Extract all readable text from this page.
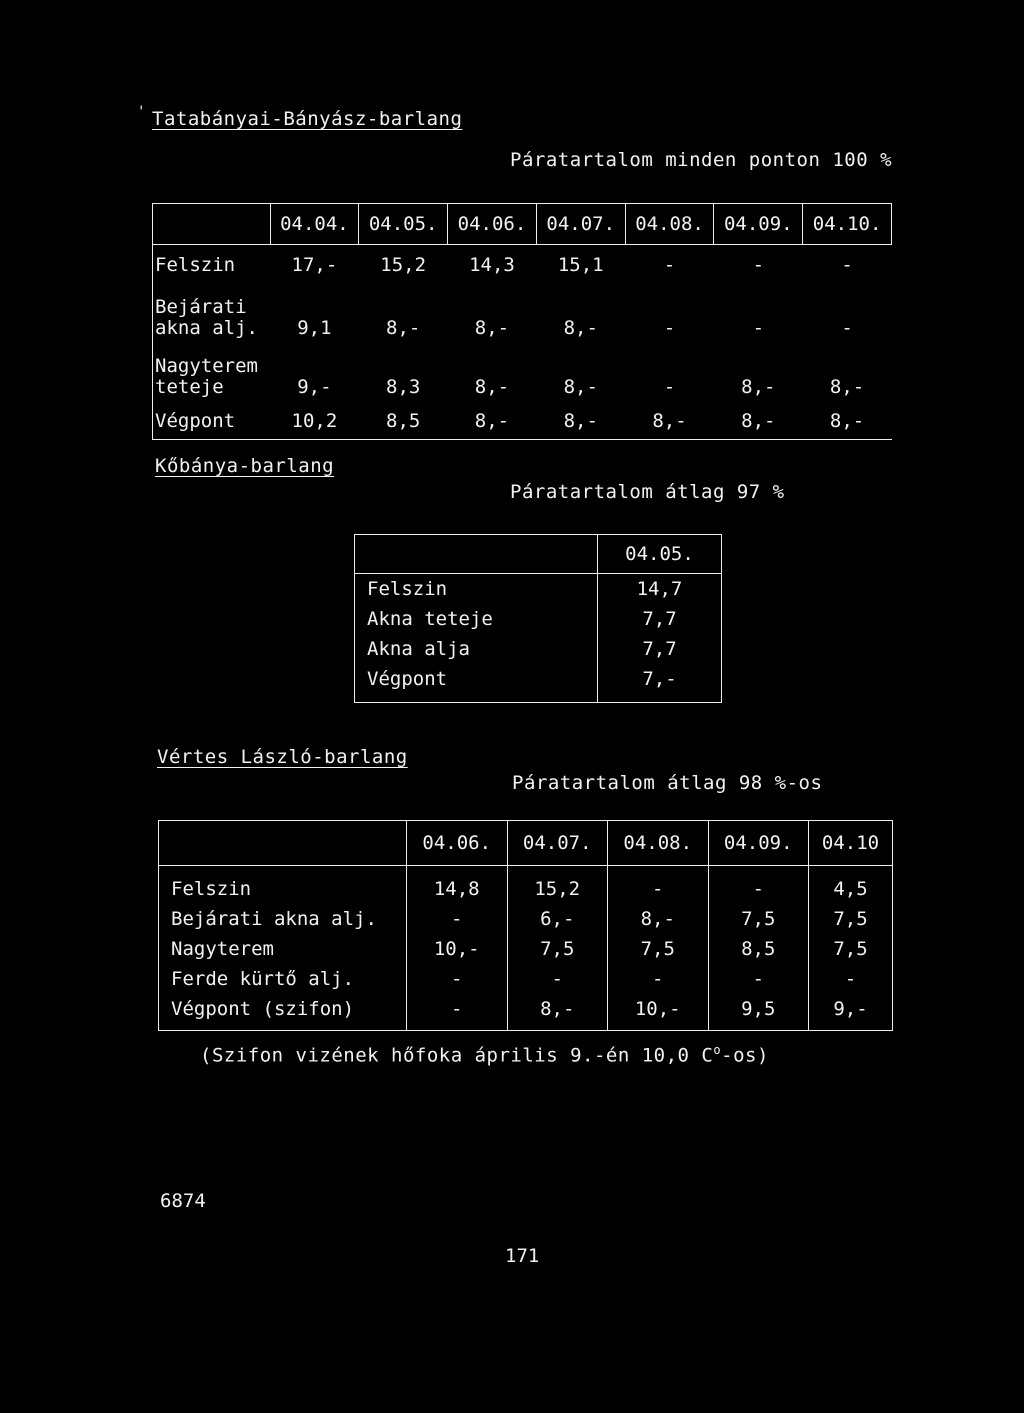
' Tatabányai-Bányász-barlang
Páratartalom minden ponton 100 %
	04.04.	04.05.	04.06.	04.07.	04.08.	04.09.	04.10.
Felszin	17,-	15,2	14,3	15,1	-	-	-
Bejárati
akna alj.	9,1	8,-	8,-	8,-	-	-	-
Nagyterem
teteje	9,-	8,3	8,-	8,-	-	8,-	8,-
Végpont	10,2	8,5	8,-	8,-	8,-	8,-	8,-
Kőbánya-barlang
Páratartalom átlag 97 %
	04.05.
Felszin	14,7
Akna teteje	7,7
Akna alja	7,7
Végpont	7,-
Vértes László-barlang
Páratartalom átlag 98 %-os
	04.06.	04.07.	04.08.	04.09.	04.10
Felszin	14,8	15,2	-	-	4,5
Bejárati akna alj.	-	6,-	8,-	7,5	7,5
Nagyterem	10,-	7,5	7,5	8,5	7,5
Ferde kürtő alj.	-	-	-	-	-
Végpont (szifon)	-	8,-	10,-	9,5	9,-
(Szifon vizének hőfoka április 9.-én 10,0 $C^o-os$)
6874
171
